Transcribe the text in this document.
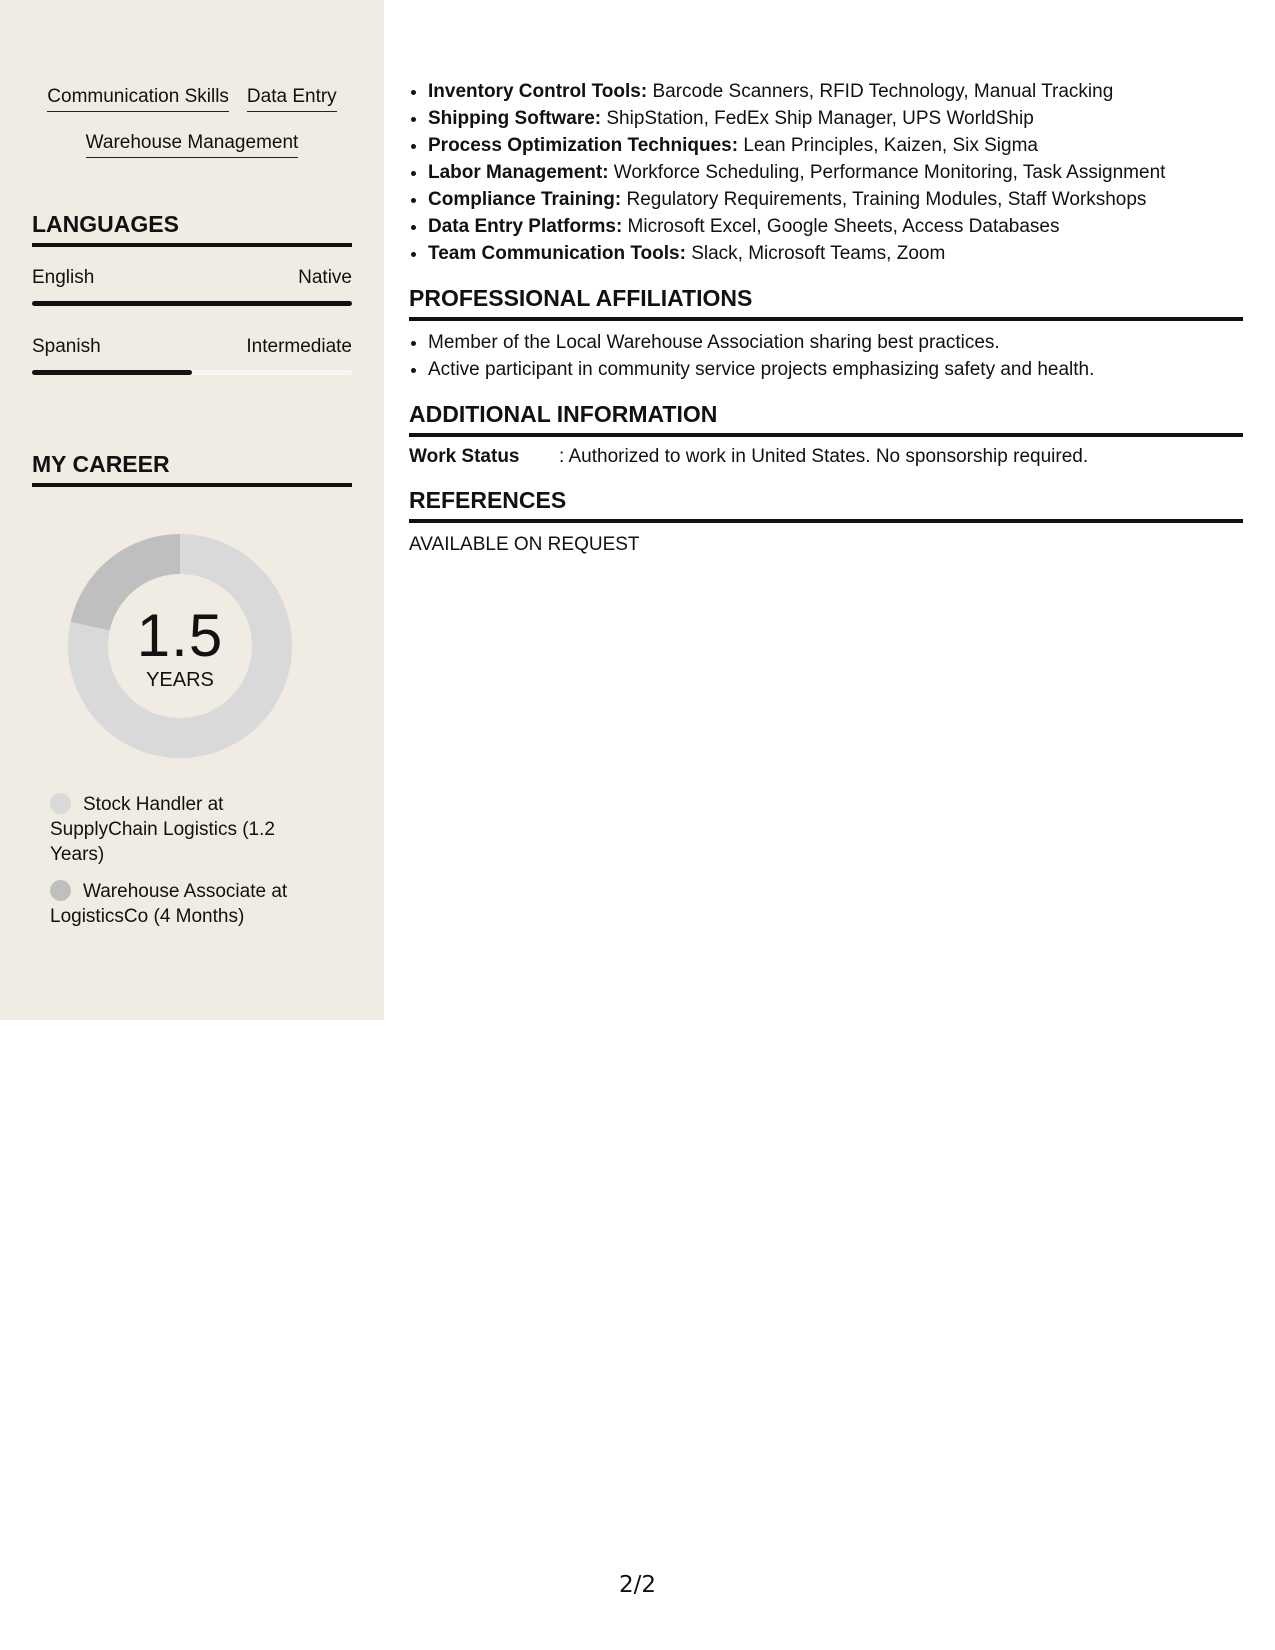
Communication Skills Data Entry
Warehouse Management
LANGUAGES
English	Native
Spanish	Intermediate
MY CAREER
1.5
YEARS
Stock Handler at SupplyChain Logistics (1.2 Years)
Warehouse Associate at LogisticsCo (4 Months)
• Inventory Control Tools: Barcode Scanners, RFID Technology, Manual Tracking
• Shipping Software: ShipStation, FedEx Ship Manager, UPS WorldShip
• Process Optimization Techniques: Lean Principles, Kaizen, Six Sigma
• Labor Management: Workforce Scheduling, Performance Monitoring, Task Assignment
• Compliance Training: Regulatory Requirements, Training Modules, Staff Workshops
• Data Entry Platforms: Microsoft Excel, Google Sheets, Access Databases
• Team Communication Tools: Slack, Microsoft Teams, Zoom
PROFESSIONAL AFFILIATIONS
• Member of the Local Warehouse Association sharing best practices.
• Active participant in community service projects emphasizing safety and health.
ADDITIONAL INFORMATION
Work Status	: Authorized to work in United States. No sponsorship required.
REFERENCES
AVAILABLE ON REQUEST
2/2
